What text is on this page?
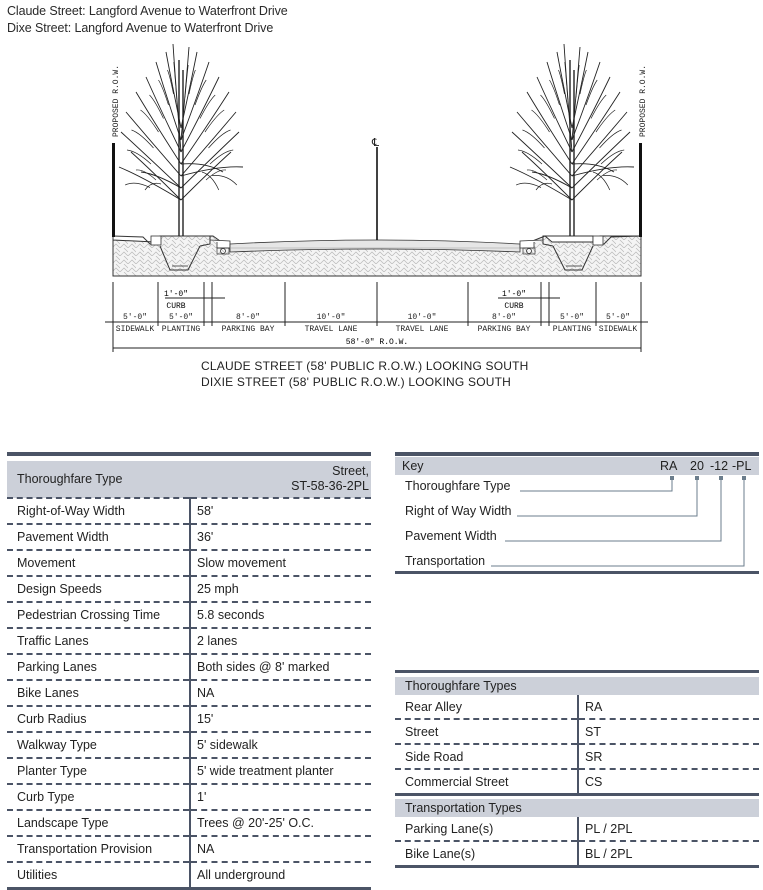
Claude Street: Langford Avenue to Waterfront Drive
Dixe Street: Langford Avenue to Waterfront Drive
PROPOSED R.O.W.	PROPOSED R.O.W.
℄
5'-0"
SIDEWALK
5'-0"
PLANTING
8'-0"
PARKING BAY
10'-0"
TRAVEL LANE
10'-0"
TRAVEL LANE
8'-0"
PARKING BAY
5'-0"
PLANTING
5'-0"
SIDEWALK
1'-0"
CURB
1'-0"
CURB
58'-0" R.O.W.
CLAUDE STREET (58' PUBLIC R.O.W.) LOOKING SOUTH
DIXIE STREET (58' PUBLIC R.O.W.) LOOKING SOUTH
Thoroughfare Type	Street,
ST-58-36-2PL
Right-of-Way Width	58'
Pavement Width	36'
Movement	Slow movement
Design Speeds	25 mph
Pedestrian Crossing Time	5.8 seconds
Traffic Lanes	2 lanes
Parking Lanes	Both sides @ 8' marked
Bike Lanes	NA
Curb Radius	15'
Walkway Type	5' sidewalk
Planter Type	5' wide treatment planter
Curb Type	1'
Landscape Type	Trees @ 20'-25' O.C.
Transportation Provision	NA
Utilities	All underground
Key	RA 20 -12 -PL
Thoroughfare Type
Right of Way Width
Pavement Width
Transportation
Thoroughfare Types	
Rear Alley	RA
Street	ST
Side Road	SR
Commercial Street	CS

Transportation Types	
Parking Lane(s)	PL / 2PL
Bike Lane(s)	BL / 2PL
